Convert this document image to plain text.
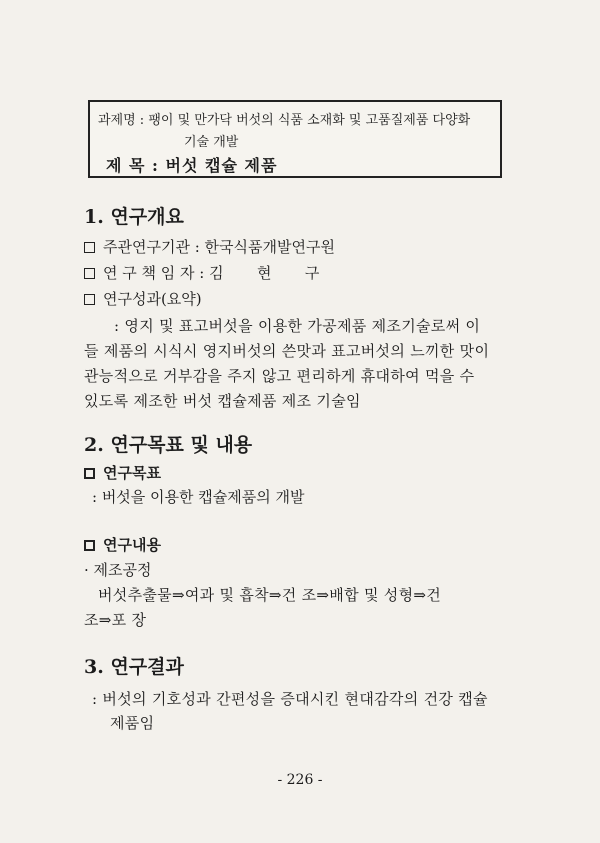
과제명 : 팽이 및 만가닥 버섯의 식품 소재화 및 고품질제품 다양화
기술 개발
제 목 : 버섯 캡슐 제품
1. 연구개요
주관연구기관 : 한국식품개발연구원
연 구 책 임 자 : 김       현       구
연구성과(요약)
: 영지 및 표고버섯을 이용한 가공제품 제조기술로써 이
들 제품의 시식시 영지버섯의 쓴맛과 표고버섯의 느끼한 맛이
관능적으로 거부감을 주지 않고 편리하게 휴대하여 먹을 수
있도록 제조한 버섯 캡슐제품 제조 기술임
2. 연구목표 및 내용
연구목표
: 버섯을 이용한 캡슐제품의 개발
연구내용
· 제조공정
버섯추출물⇒여과 및 흡착⇒건 조⇒배합 및 성형⇒건
조⇒포 장
3. 연구결과
: 버섯의 기호성과 간편성을 증대시킨 현대감각의 건강 캡슐
제품임
- 226 -
